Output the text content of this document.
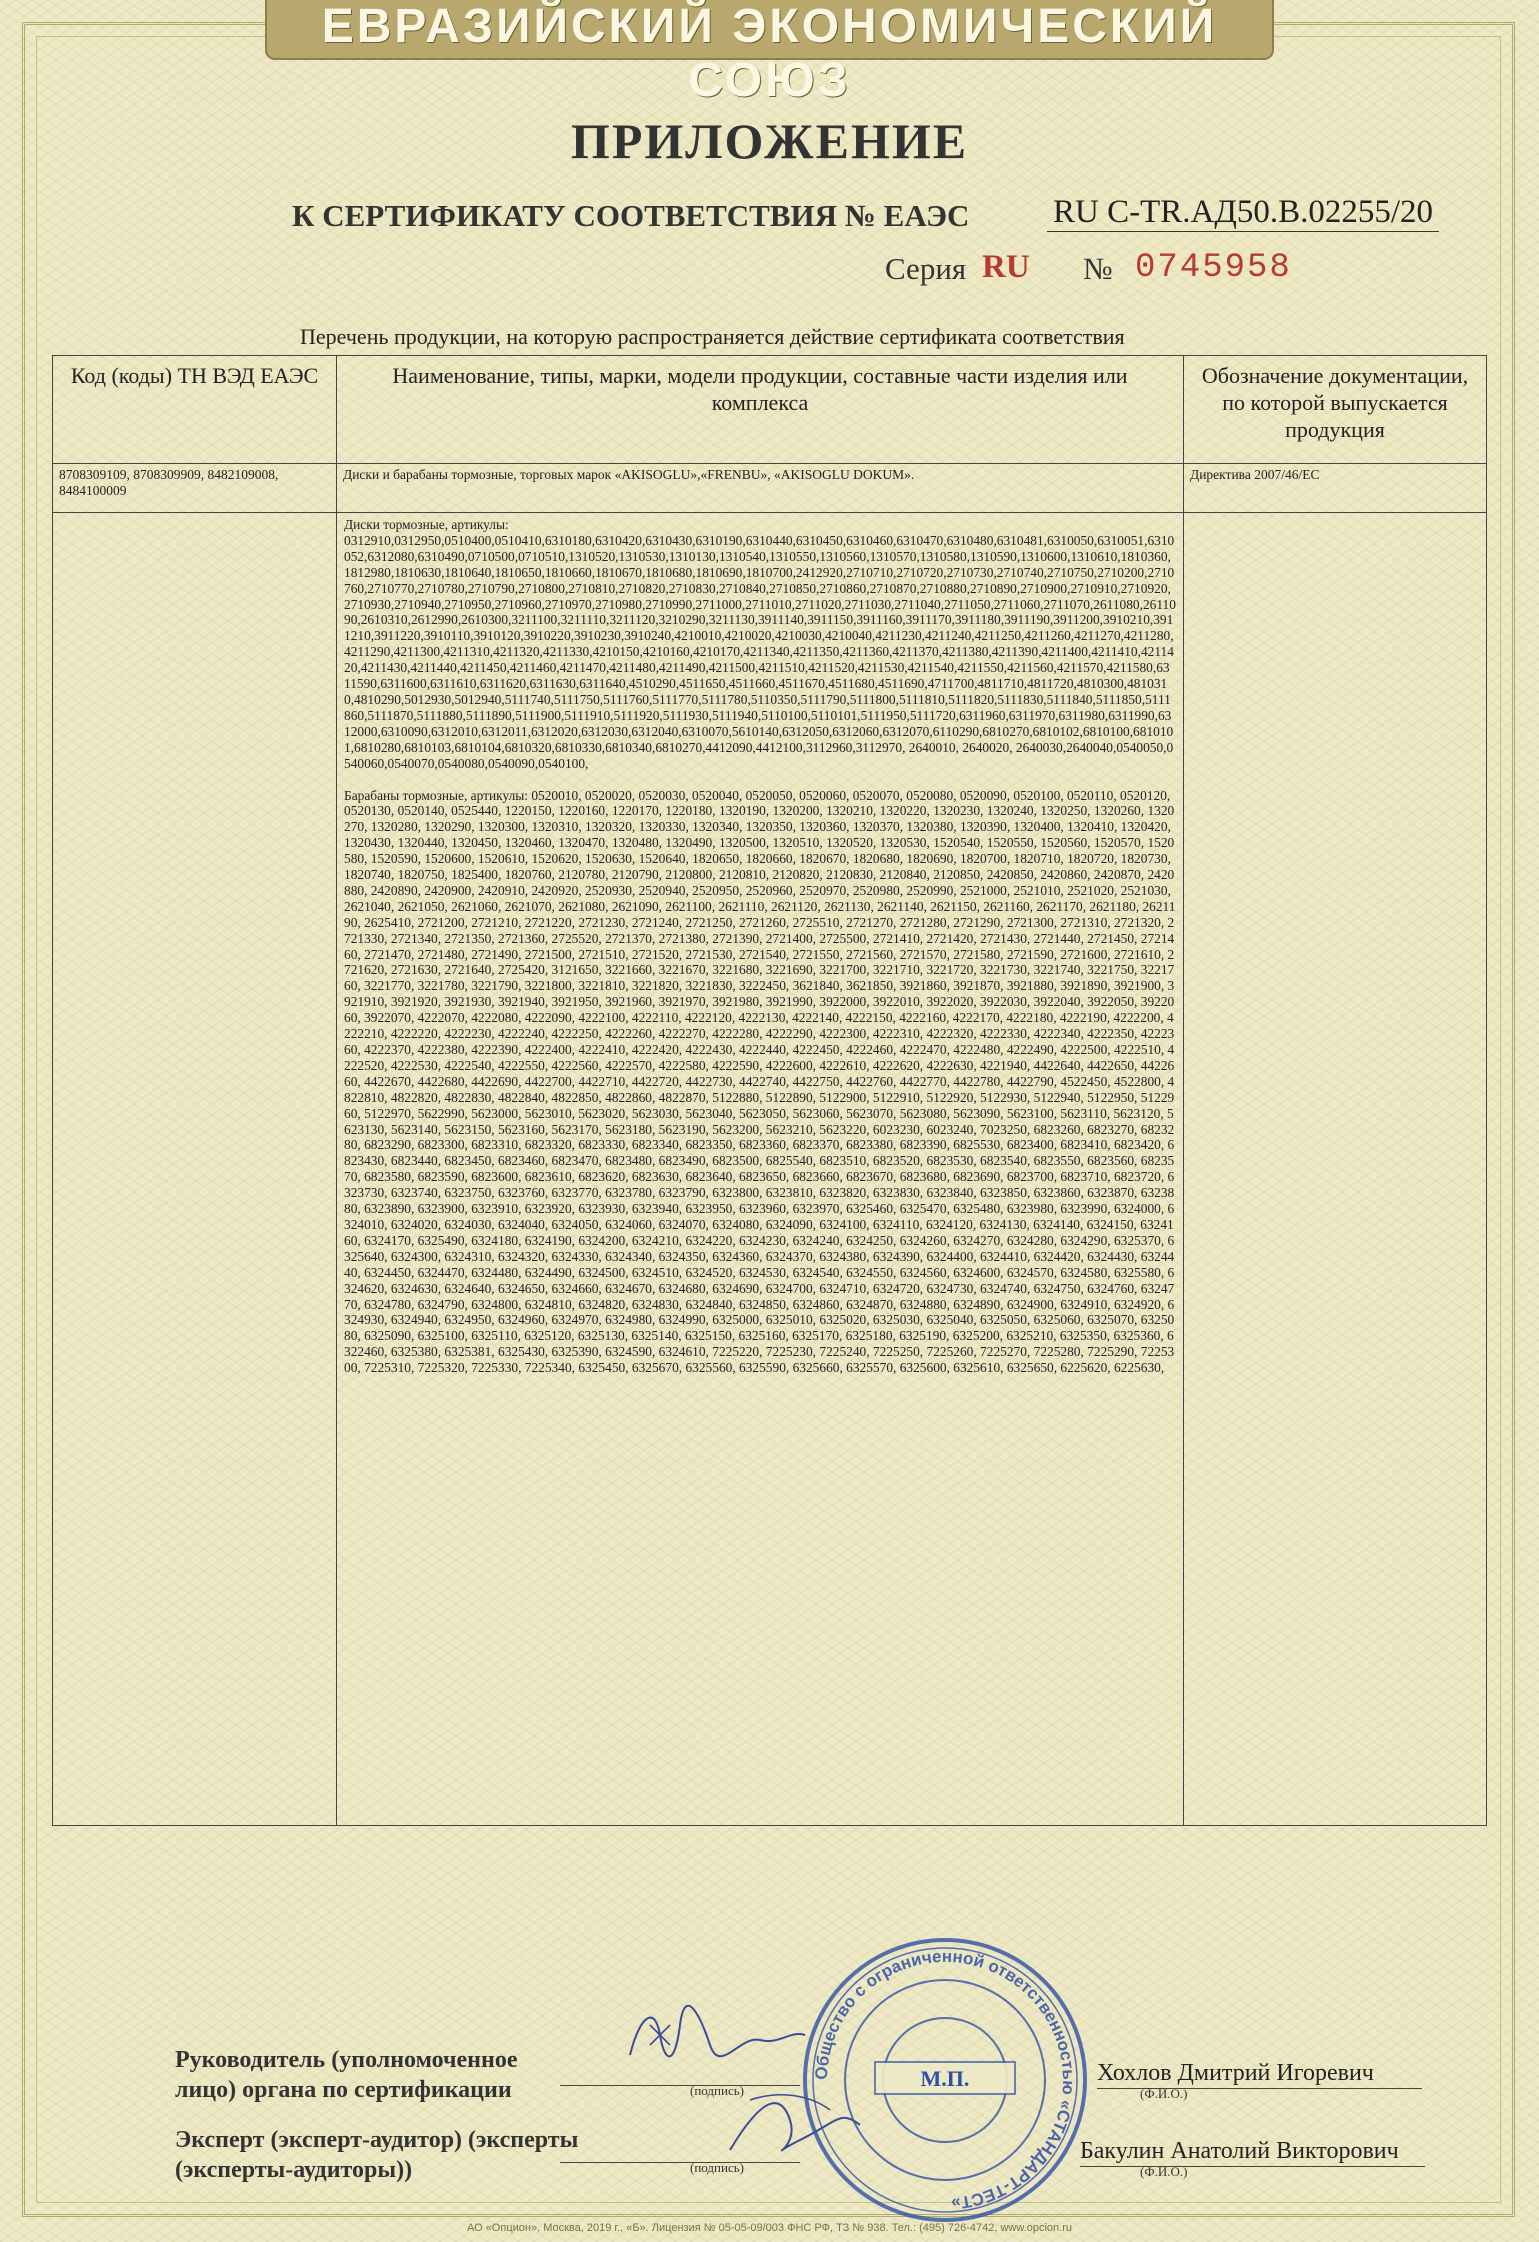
ЕВРАЗИЙСКИЙ ЭКОНОМИЧЕСКИЙ СОЮЗ
ПРИЛОЖЕНИЕ
К СЕРТИФИКАТУ СООТВЕТСТВИЯ № ЕАЭС	RU С-TR.АД50.В.02255/20
Серия RU № 0745958
Перечень продукции, на которую распространяется действие сертификата соответствия
Код (коды) ТН ВЭД ЕАЭС	Наименование, типы, марки, модели продукции, составные части изделия или комплекса	Обозначение документации, по которой выпускается продукция
8708309109, 8708309909, 8482109008, 8484100009	Диски и барабаны тормозные, торговых марок «AKISOGLU»,«FRENBU», «AKISOGLU DOKUM».	Директива 2007/46/ЕС

	Диски тормозные, артикулы:

0312910,0312950,0510400,0510410,6310180,6310420,6310430,6310190,6310440,6310450,6310460,6310470,6310480,6310481,6310050,6310051,6310052,6312080,6310490,0710500,0710510,1310520,1310530,1310130,1310540,1310550,1310560,1310570,1310580,1310590,1310600,1310610,1810360,1812980,1810630,1810640,1810650,1810660,1810670,1810680,1810690,1810700,2412920,2710710,2710720,2710730,2710740,2710750,2710200,2710760,2710770,2710780,2710790,2710800,2710810,2710820,2710830,2710840,2710850,2710860,2710870,2710880,2710890,2710900,2710910,2710920,2710930,2710940,2710950,2710960,2710970,2710980,2710990,2711000,2711010,2711020,2711030,2711040,2711050,2711060,2711070,2611080,2611090,2610310,2612990,2610300,3211100,3211110,3211120,3210290,3211130,3911140,3911150,3911160,3911170,3911180,3911190,3911200,3910210,3911210,3911220,3910110,3910120,3910220,3910230,3910240,4210010,4210020,4210030,4210040,4211230,4211240,4211250,4211260,4211270,4211280,4211290,4211300,4211310,4211320,4211330,4210150,4210160,4210170,4211340,4211350,4211360,4211370,4211380,4211390,4211400,4211410,4211420,4211430,4211440,4211450,4211460,4211470,4211480,4211490,4211500,4211510,4211520,4211530,4211540,4211550,4211560,4211570,4211580,6311590,6311600,6311610,6311620,6311630,6311640,4510290,4511650,4511660,4511670,4511680,4511690,4711700,4811710,4811720,4810300,4810310,4810290,5012930,5012940,5111740,5111750,5111760,5111770,5111780,5110350,5111790,5111800,5111810,5111820,5111830,5111840,5111850,5111860,5111870,5111880,5111890,5111900,5111910,5111920,5111930,5111940,5110100,5110101,5111950,5111720,6311960,6311970,6311980,6311990,6312000,6310090,6312010,6312011,6312020,6312030,6312040,6310070,5610140,6312050,6312060,6312070,6110290,6810270,6810102,6810100,6810101,6810280,6810103,6810104,6810320,6810330,6810340,6810270,4412090,4412100,3112960,3112970, 2640010, 2640020, 2640030,2640040,0540050,0540060,0540070,0540080,0540090,0540100,

Барабаны тормозные, артикулы: 0520010, 0520020, 0520030, 0520040, 0520050, 0520060, 0520070, 0520080, 0520090, 0520100, 0520110, 0520120, 0520130, 0520140, 0525440, 1220150, 1220160, 1220170, 1220180, 1320190, 1320200, 1320210, 1320220, 1320230, 1320240, 1320250, 1320260, 1320270, 1320280, 1320290, 1320300, 1320310, 1320320, 1320330, 1320340, 1320350, 1320360, 1320370, 1320380, 1320390, 1320400, 1320410, 1320420, 1320430, 1320440, 1320450, 1320460, 1320470, 1320480, 1320490, 1320500, 1320510, 1320520, 1320530, 1520540, 1520550, 1520560, 1520570, 1520580, 1520590, 1520600, 1520610, 1520620, 1520630, 1520640, 1820650, 1820660, 1820670, 1820680, 1820690, 1820700, 1820710, 1820720, 1820730, 1820740, 1820750, 1825400, 1820760, 2120780, 2120790, 2120800, 2120810, 2120820, 2120830, 2120840, 2120850, 2420850, 2420860, 2420870, 2420880, 2420890, 2420900, 2420910, 2420920, 2520930, 2520940, 2520950, 2520960, 2520970, 2520980, 2520990, 2521000, 2521010, 2521020, 2521030, 2621040, 2621050, 2621060, 2621070, 2621080, 2621090, 2621100, 2621110, 2621120, 2621130, 2621140, 2621150, 2621160, 2621170, 2621180, 2621190, 2625410, 2721200, 2721210, 2721220, 2721230, 2721240, 2721250, 2721260, 2725510, 2721270, 2721280, 2721290, 2721300, 2721310, 2721320, 2721330, 2721340, 2721350, 2721360, 2725520, 2721370, 2721380, 2721390, 2721400, 2725500, 2721410, 2721420, 2721430, 2721440, 2721450, 2721460, 2721470, 2721480, 2721490, 2721500, 2721510, 2721520, 2721530, 2721540, 2721550, 2721560, 2721570, 2721580, 2721590, 2721600, 2721610, 2721620, 2721630, 2721640, 2725420, 3121650, 3221660, 3221670, 3221680, 3221690, 3221700, 3221710, 3221720, 3221730, 3221740, 3221750, 3221760, 3221770, 3221780, 3221790, 3221800, 3221810, 3221820, 3221830, 3222450, 3621840, 3621850, 3921860, 3921870, 3921880, 3921890, 3921900, 3921910, 3921920, 3921930, 3921940, 3921950, 3921960, 3921970, 3921980, 3921990, 3922000, 3922010, 3922020, 3922030, 3922040, 3922050, 3922060, 3922070, 4222070, 4222080, 4222090, 4222100, 4222110, 4222120, 4222130, 4222140, 4222150, 4222160, 4222170, 4222180, 4222190, 4222200, 4222210, 4222220, 4222230, 4222240, 4222250, 4222260, 4222270, 4222280, 4222290, 4222300, 4222310, 4222320, 4222330, 4222340, 4222350, 4222360, 4222370, 4222380, 4222390, 4222400, 4222410, 4222420, 4222430, 4222440, 4222450, 4222460, 4222470, 4222480, 4222490, 4222500, 4222510, 4222520, 4222530, 4222540, 4222550, 4222560, 4222570, 4222580, 4222590, 4222600, 4222610, 4222620, 4222630, 4221940, 4422640, 4422650, 4422660, 4422670, 4422680, 4422690, 4422700, 4422710, 4422720, 4422730, 4422740, 4422750, 4422760, 4422770, 4422780, 4422790, 4522450, 4522800, 4822810, 4822820, 4822830, 4822840, 4822850, 4822860, 4822870, 5122880, 5122890, 5122900, 5122910, 5122920, 5122930, 5122940, 5122950, 5122960, 5122970, 5622990, 5623000, 5623010, 5623020, 5623030, 5623040, 5623050, 5623060, 5623070, 5623080, 5623090, 5623100, 5623110, 5623120, 5623130, 5623140, 5623150, 5623160, 5623170, 5623180, 5623190, 5623200, 5623210, 5623220, 6023230, 6023240, 7023250, 6823260, 6823270, 6823280, 6823290, 6823300, 6823310, 6823320, 6823330, 6823340, 6823350, 6823360, 6823370, 6823380, 6823390, 6825530, 6823400, 6823410, 6823420, 6823430, 6823440, 6823450, 6823460, 6823470, 6823480, 6823490, 6823500, 6825540, 6823510, 6823520, 6823530, 6823540, 6823550, 6823560, 6823570, 6823580, 6823590, 6823600, 6823610, 6823620, 6823630, 6823640, 6823650, 6823660, 6823670, 6823680, 6823690, 6823700, 6823710, 6823720, 6323730, 6323740, 6323750, 6323760, 6323770, 6323780, 6323790, 6323800, 6323810, 6323820, 6323830, 6323840, 6323850, 6323860, 6323870, 6323880, 6323890, 6323900, 6323910, 6323920, 6323930, 6323940, 6323950, 6323960, 6323970, 6325460, 6325470, 6325480, 6323980, 6323990, 6324000, 6324010, 6324020, 6324030, 6324040, 6324050, 6324060, 6324070, 6324080, 6324090, 6324100, 6324110, 6324120, 6324130, 6324140, 6324150, 6324160, 6324170, 6325490, 6324180, 6324190, 6324200, 6324210, 6324220, 6324230, 6324240, 6324250, 6324260, 6324270, 6324280, 6324290, 6325370, 6325640, 6324300, 6324310, 6324320, 6324330, 6324340, 6324350, 6324360, 6324370, 6324380, 6324390, 6324400, 6324410, 6324420, 6324430, 6324440, 6324450, 6324470, 6324480, 6324490, 6324500, 6324510, 6324520, 6324530, 6324540, 6324550, 6324560, 6324600, 6324570, 6324580, 6325580, 6324620, 6324630, 6324640, 6324650, 6324660, 6324670, 6324680, 6324690, 6324700, 6324710, 6324720, 6324730, 6324740, 6324750, 6324760, 6324770, 6324780, 6324790, 6324800, 6324810, 6324820, 6324830, 6324840, 6324850, 6324860, 6324870, 6324880, 6324890, 6324900, 6324910, 6324920, 6324930, 6324940, 6324950, 6324960, 6324970, 6324980, 6324990, 6325000, 6325010, 6325020, 6325030, 6325040, 6325050, 6325060, 6325070, 6325080, 6325090, 6325100, 6325110, 6325120, 6325130, 6325140, 6325150, 6325160, 6325170, 6325180, 6325190, 6325200, 6325210, 6325350, 6325360, 6322460, 6325380, 6325381, 6325430, 6325390, 6324590, 6324610, 7225220, 7225230, 7225240, 7225250, 7225260, 7225270, 7225280, 7225290, 7225300, 7225310, 7225320, 7225330, 7225340, 6325450, 6325670, 6325560, 6325590, 6325660, 6325570, 6325600, 6325610, 6325650, 6225620, 6225630,	

Руководитель (уполномоченное лицо) органа по сертификации	(подпись)
Хохлов Дмитрий Игоревич
(Ф.И.О.)
Эксперт (эксперт-аудитор) (эксперты (эксперты-аудиторы))	(подпись)
Бакулин Анатолий Викторович
(Ф.И.О.)
Общество с ограниченной ответственностью «СТАНДАРТ-ТЕСТ»
М.П.
АО «Опцион», Москва, 2019 г., «Б». Лицензия № 05-05-09/003 ФНС РФ, ТЗ № 938. Тел.: (495) 726-4742, www.opcion.ru
